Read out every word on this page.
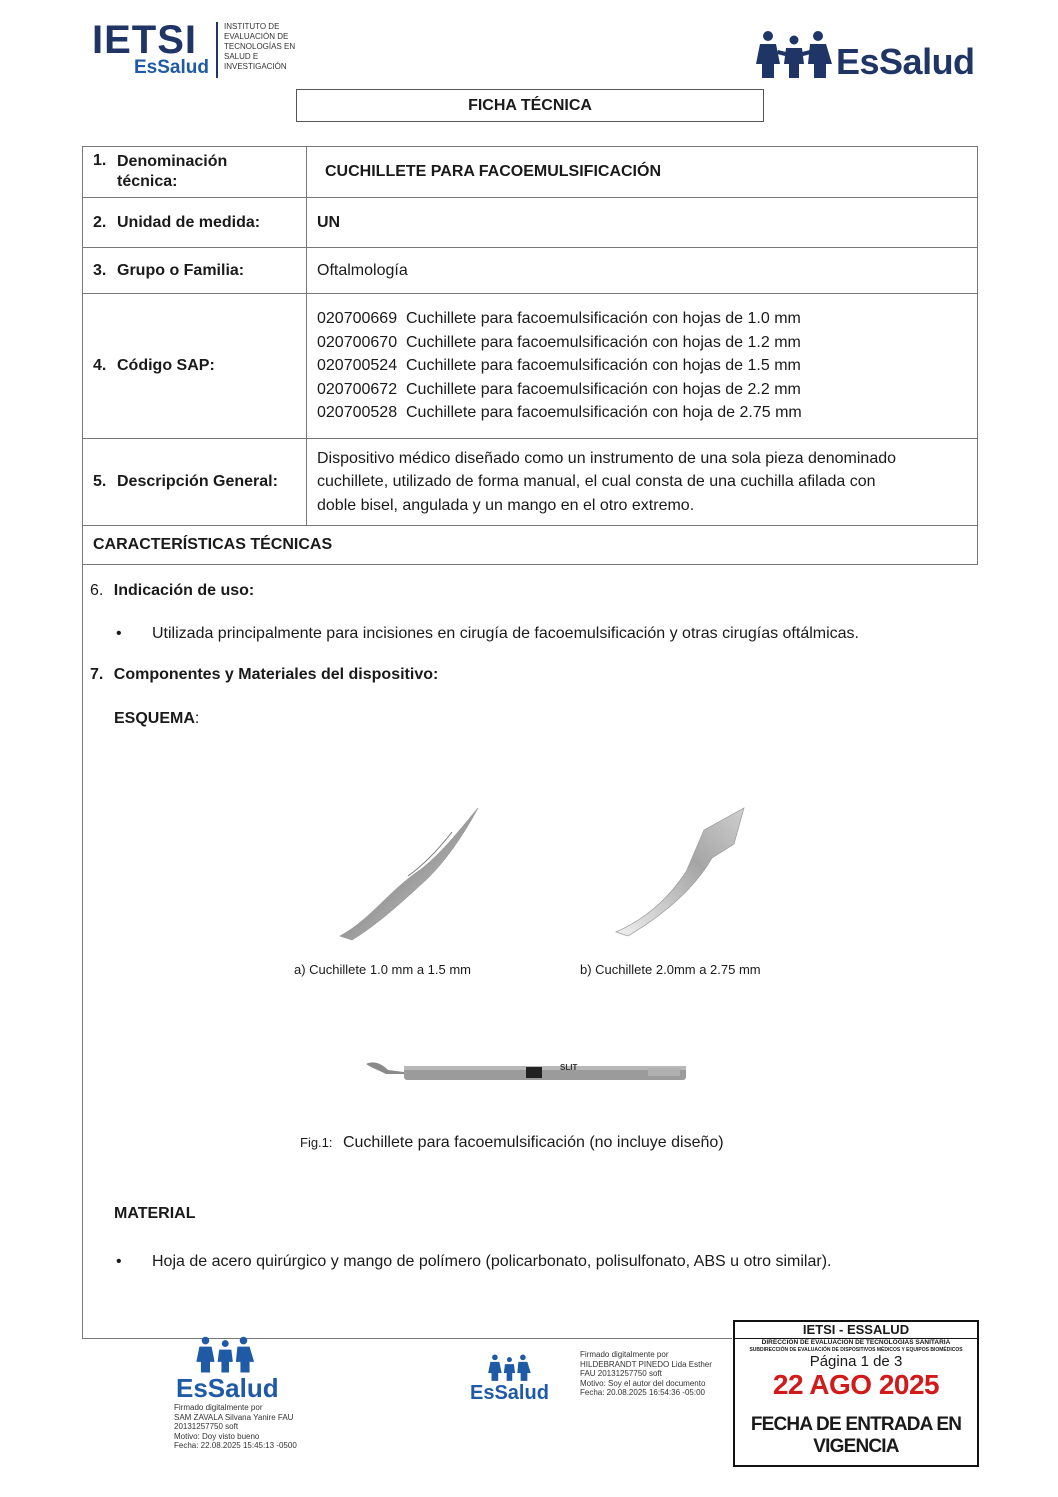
IETSI
EsSalud
INSTITUTO DE
EVALUACIÓN DE
TECNOLOGÍAS EN
SALUD E
INVESTIGACIÓN	EsSalud
FICHA TÉCNICA
1. Denominación
técnica:
CUCHILLETE PARA FACOEMULSIFICACIÓN
2. Unidad de medida:	UN
3. Grupo o Familia:	Oftalmología
4. Código SAP:
020700669 Cuchillete para facoemulsificación con hojas de 1.0 mm
020700670 Cuchillete para facoemulsificación con hojas de 1.2 mm
020700524 Cuchillete para facoemulsificación con hojas de 1.5 mm
020700672 Cuchillete para facoemulsificación con hojas de 2.2 mm
020700528 Cuchillete para facoemulsificación con hoja de 2.75 mm
5. Descripción General:
Dispositivo médico diseñado como un instrumento de una sola pieza denominado
cuchillete, utilizado de forma manual, el cual consta de una cuchilla afilada con
doble bisel, angulada y un mango en el otro extremo.
CARACTERÍSTICAS TÉCNICAS
6. Indicación de uso:
• Utilizada principalmente para incisiones en cirugía de facoemulsificación y otras cirugías oftálmicas.
7. Componentes y Materiales del dispositivo:
ESQUEMA:
a) Cuchillete 1.0 mm a 1.5 mm	b) Cuchillete 2.0mm a 2.75 mm
SLIT
Fig.1: Cuchillete para facoemulsificación (no incluye diseño)
MATERIAL
• Hoja de acero quirúrgico y mango de polímero (policarbonato, polisulfonato, ABS u otro similar).
EsSalud
Firmado digitalmente por
SAM ZAVALA Silvana Yanire FAU
20131257750 soft
Motivo: Doy visto bueno
Fecha: 22.08.2025 15:45:13 -0500
EsSalud
Firmado digitalmente por
HILDEBRANDT PINEDO Lida Esther
FAU 20131257750 soft
Motivo: Soy el autor del documento
Fecha: 20.08.2025 16:54:36 -05:00
IETSI - ESSALUD
DIRECCIÓN DE EVALUACIÓN DE TECNOLOGÍAS SANITARIA
SUBDIRECCIÓN DE EVALUACIÓN DE DISPOSITIVOS MÉDICOS Y EQUIPOS BIOMÉDICOS
Página 1 de 3
22 AGO 2025
FECHA DE ENTRADA EN VIGENCIA
